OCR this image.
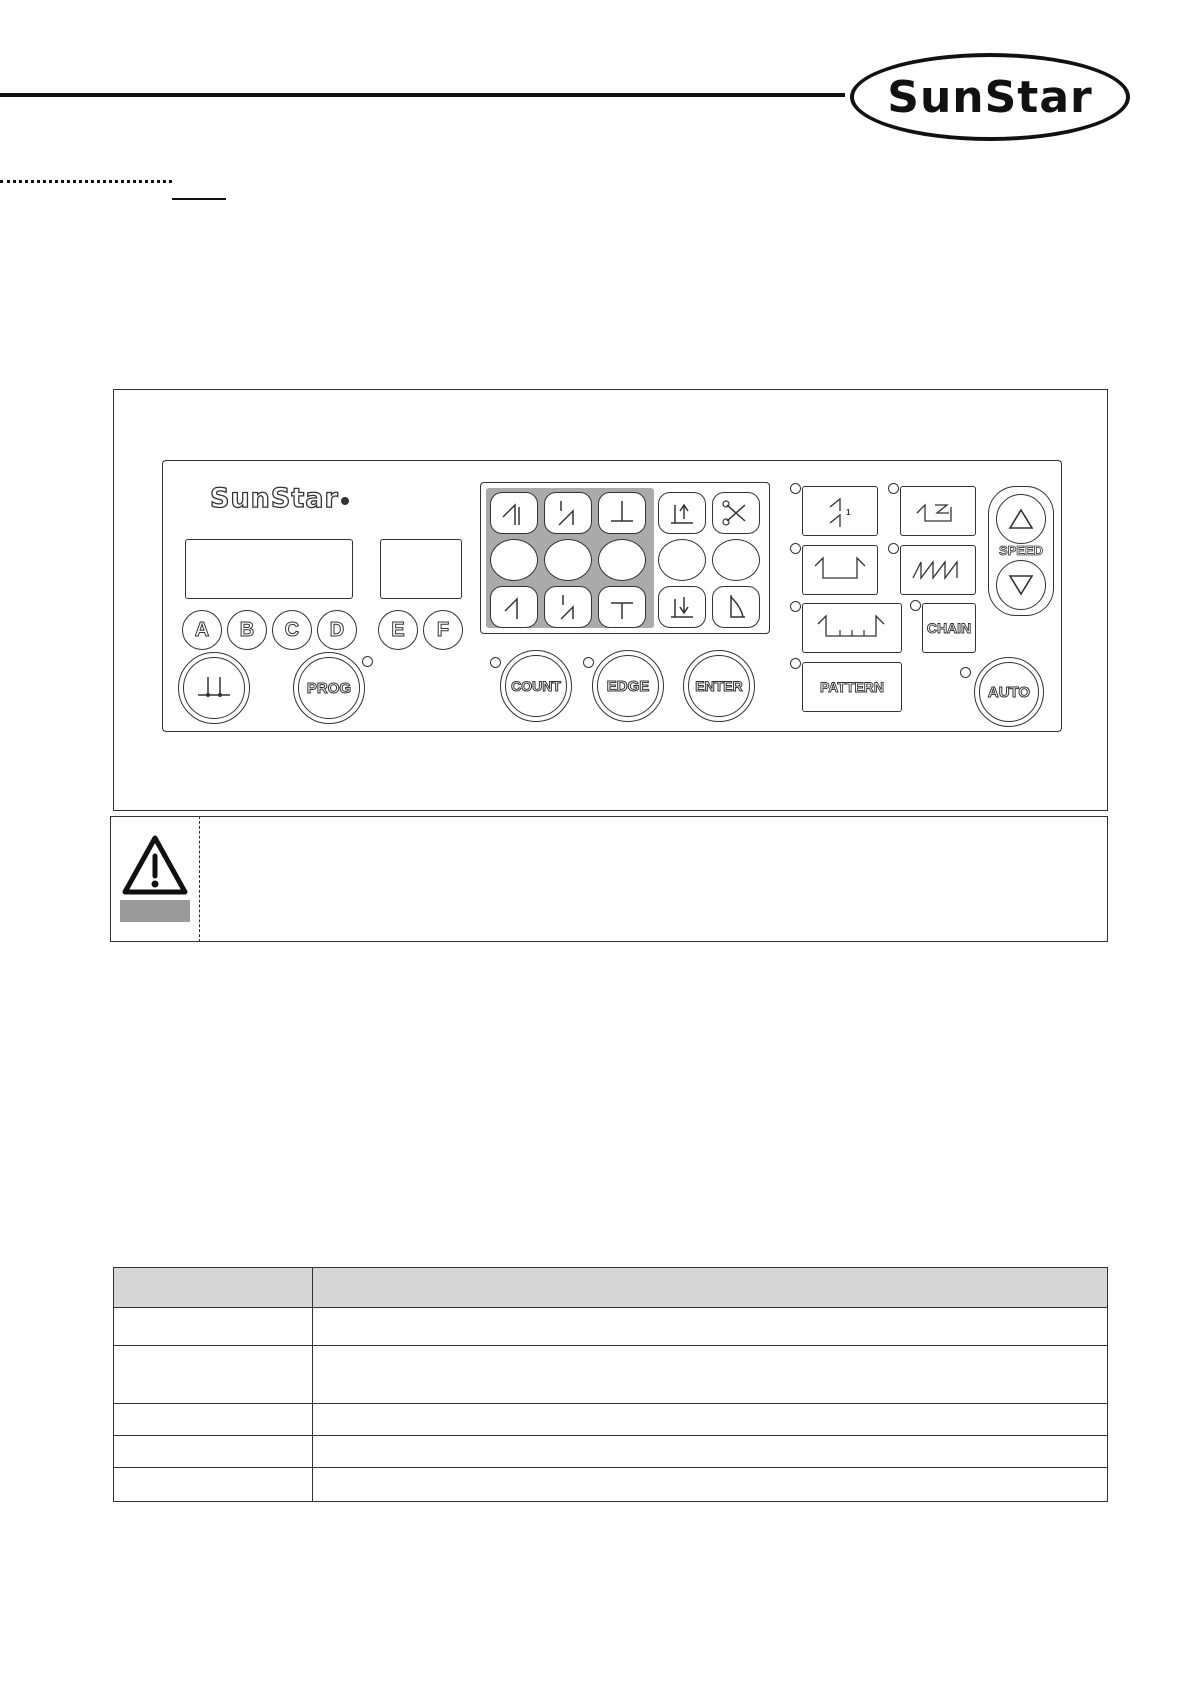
SunStar
SunStar
A	B	C	D	E	F
PROG	COUNT	EDGE	ENTER
1
PATTERN
CHAIN
SPEED
AUTO
